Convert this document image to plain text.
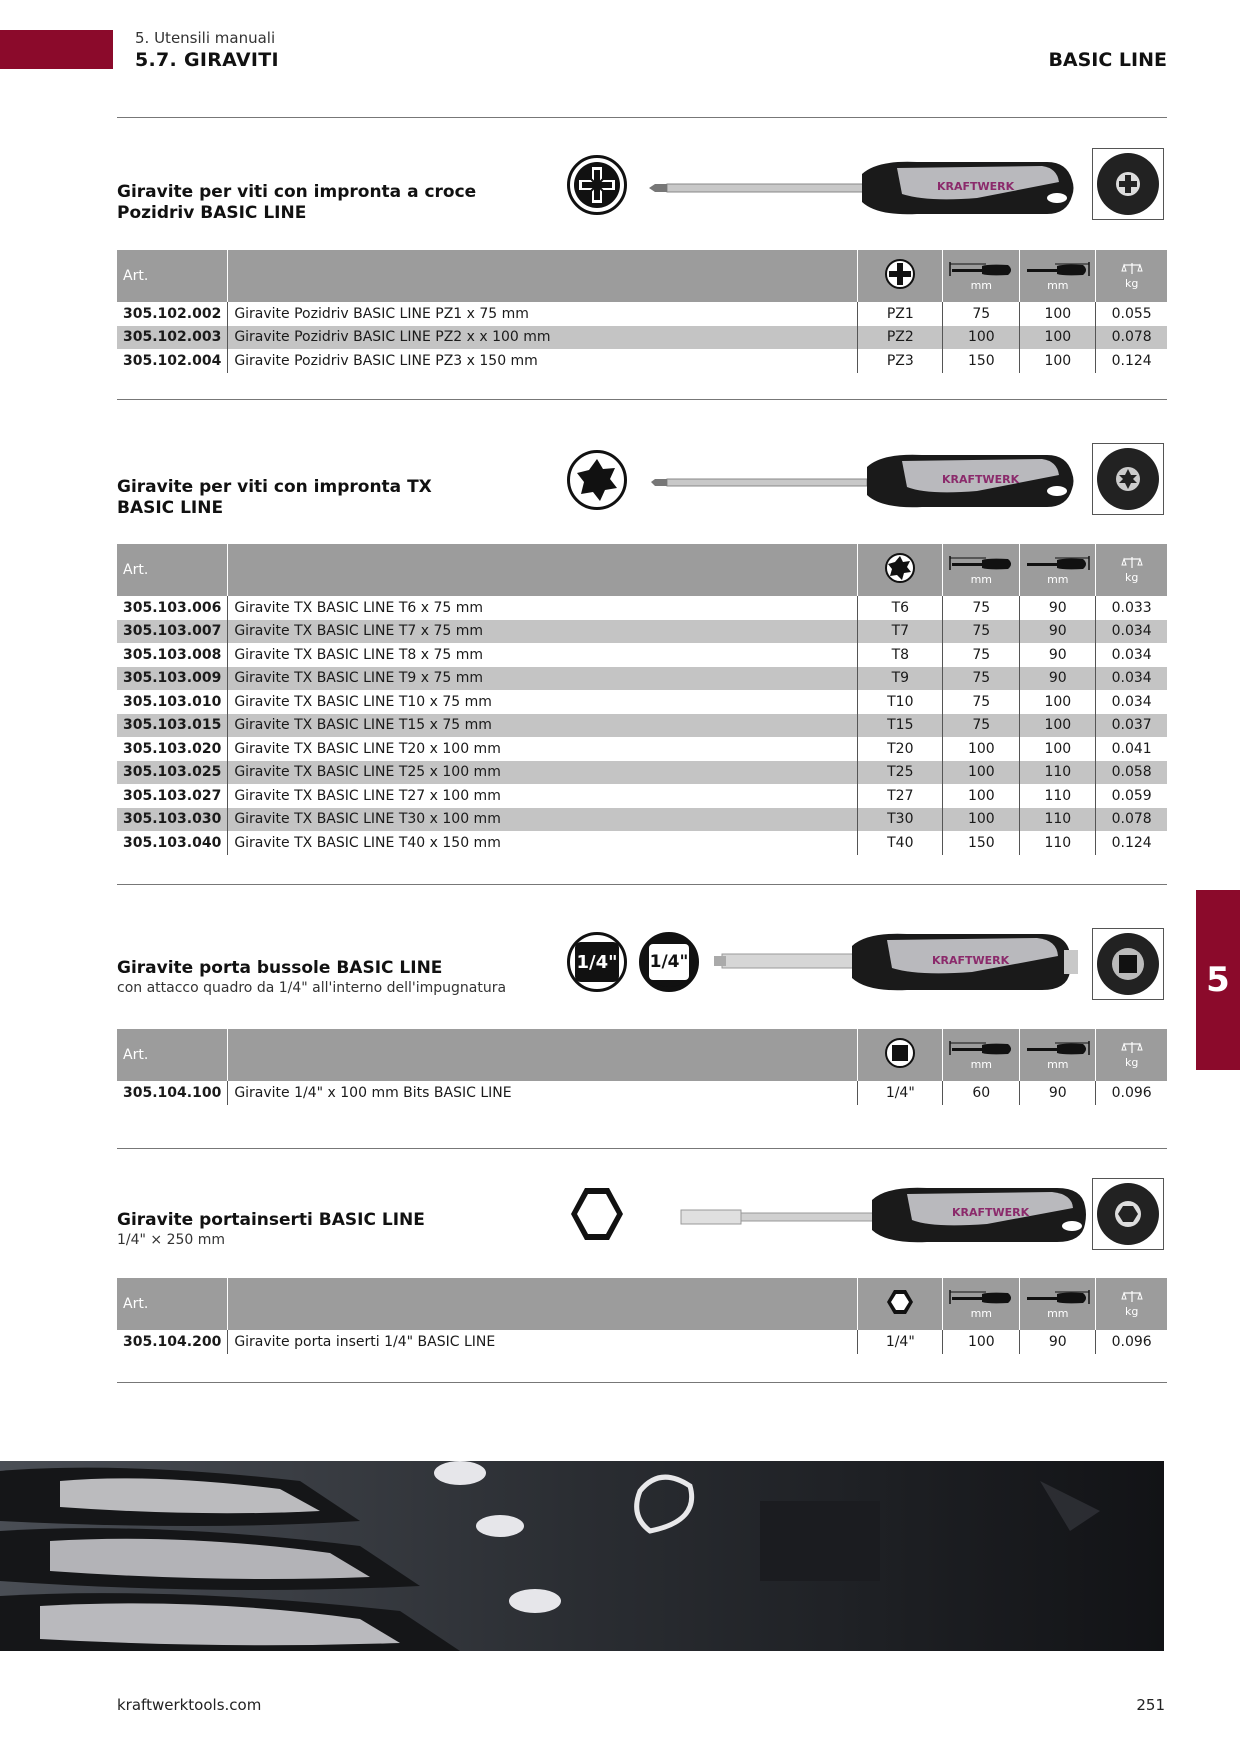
5. Utensili manuali
5.7. GIRAVITI	BASIC LINE
Giravite per viti con impronta a croce
Pozidriv BASIC LINE
KRAFTWERK
Art.			mm	mm	kg

305.102.002	Giravite Pozidriv BASIC LINE PZ1 x 75 mm	PZ1	75	100	0.055
305.102.003	Giravite Pozidriv BASIC LINE PZ2 x x 100 mm	PZ2	100	100	0.078
305.102.004	Giravite Pozidriv BASIC LINE PZ3 x 150 mm	PZ3	150	100	0.124
Giravite per viti con impronta TX
BASIC LINE
KRAFTWERK
Art.			mm	mm	kg

305.103.006	Giravite TX BASIC LINE T6 x 75 mm	T6	75	90	0.033
305.103.007	Giravite TX BASIC LINE T7 x 75 mm	T7	75	90	0.034
305.103.008	Giravite TX BASIC LINE T8 x 75 mm	T8	75	90	0.034
305.103.009	Giravite TX BASIC LINE T9 x 75 mm	T9	75	90	0.034
305.103.010	Giravite TX BASIC LINE T10 x 75 mm	T10	75	100	0.034
305.103.015	Giravite TX BASIC LINE T15 x 75 mm	T15	75	100	0.037
305.103.020	Giravite TX BASIC LINE T20 x 100 mm	T20	100	100	0.041
305.103.025	Giravite TX BASIC LINE T25 x 100 mm	T25	100	110	0.058
305.103.027	Giravite TX BASIC LINE T27 x 100 mm	T27	100	110	0.059
305.103.030	Giravite TX BASIC LINE T30 x 100 mm	T30	100	110	0.078
305.103.040	Giravite TX BASIC LINE T40 x 150 mm	T40	150	110	0.124
Giravite porta bussole BASIC LINE
con attacco quadro da 1/4" all'interno dell'impugnatura
1/4" 1/4"	KRAFTWERK
Art.			mm	mm	kg

305.104.100	Giravite 1/4" x 100 mm Bits BASIC LINE	1/4"	60	90	0.096
Giravite portainserti BASIC LINE
1/4" × 250 mm
KRAFTWERK
Art.			mm	mm	kg

305.104.200	Giravite porta inserti 1/4" BASIC LINE	1/4"	100	90	0.096
5
kraftwerktools.com	251
